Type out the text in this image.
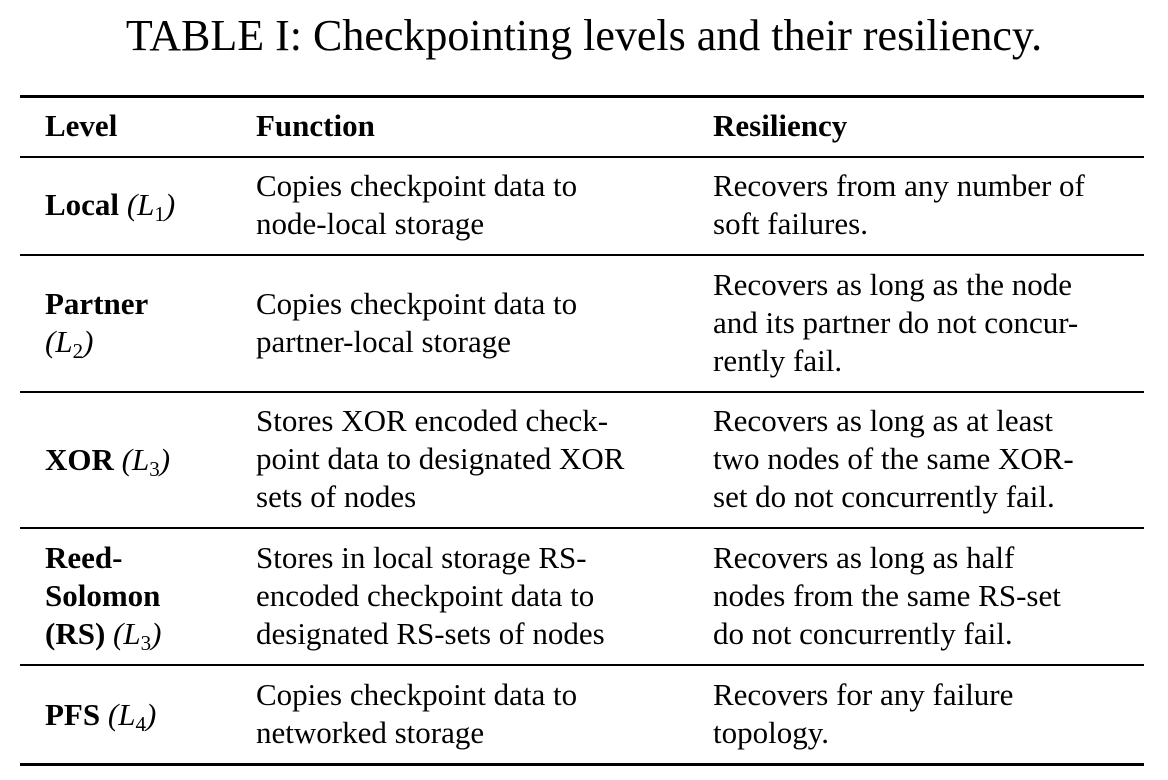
TABLE I: Checkpointing levels and their resiliency.
Level	Function	Resiliency
Local $(L_1)$
Copies checkpoint data to
node-local storage
Recovers from any number of
soft failures.
Partner
$(L_2)$
Copies checkpoint data to
partner-local storage
Recovers as long as the node
and its partner do not concur-
rently fail.
XOR $(L_3)$
Stores XOR encoded check-
point data to designated XOR
sets of nodes
Recovers as long as at least
two nodes of the same XOR-
set do not concurrently fail.
Reed-
Solomon
(RS) $(L_3)$
Stores in local storage RS-
encoded checkpoint data to
designated RS-sets of nodes
Recovers as long as half
nodes from the same RS-set
do not concurrently fail.
PFS $(L_4)$
Copies checkpoint data to
networked storage
Recovers for any failure
topology.
